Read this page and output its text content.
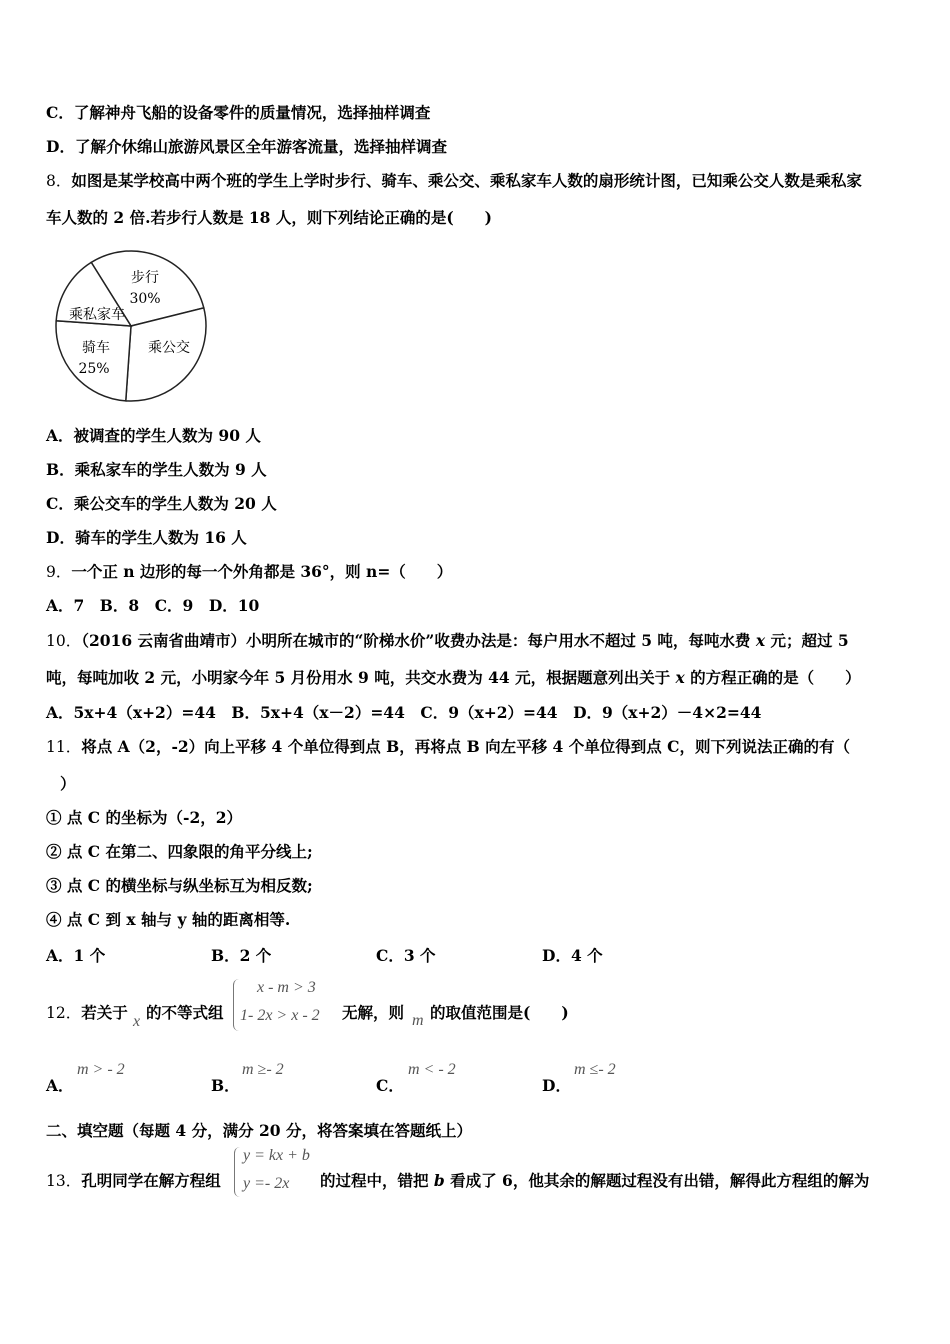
C．了解神舟飞船的设备零件的质量情况，选择抽样调查
D．了解介休绵山旅游风景区全年游客流量，选择抽样调查
8．如图是某学校高中两个班的学生上学时步行、骑车、乘公交、乘私家车人数的扇形统计图，已知乘公交人数是乘私家
车人数的 2 倍.若步行人数是 18 人，则下列结论正确的是(　　)
步行
30%
乘私家车
骑车
25%
乘公交
A．被调查的学生人数为 90 人
B．乘私家车的学生人数为 9 人
C．乘公交车的学生人数为 20 人
D．骑车的学生人数为 16 人
9．一个正 n 边形的每一个外角都是 36°，则 n=（　　）
A．7　B．8　C．9　D．10
10．（2016 云南省曲靖市）小明所在城市的“阶梯水价”收费办法是：每户用水不超过 5 吨，每吨水费 x 元；超过 5
吨，每吨加收 2 元，小明家今年 5 月份用水 9 吨，共交水费为 44 元，根据题意列出关于 x 的方程正确的是（　　）
A．5x+4（x+2）=44　B．5x+4（x－2）=44　C．9（x+2）=44　D．9（x+2）－4×2=44
11．将点 A（2，-2）向上平移 4 个单位得到点 B，再将点 B 向左平移 4 个单位得到点 C，则下列说法正确的有（
）
① 点 C 的坐标为（-2，2）
② 点 C 在第二、四象限的角平分线上;
③ 点 C 的横坐标与纵坐标互为相反数;
④ 点 C 到 x 轴与 y 轴的距离相等.
A．1 个	B．2 个	C．3 个	D．4 个
12．若关于 x 的不等式组
x - m > 3
1- 2x > x - 2 无解，则 m 的取值范围是(　　)
A．
m > - 2
B．
m ≥- 2
C．
m < - 2
D．
m ≤- 2
二、填空题（每题 4 分，满分 20 分，将答案填在答题纸上）
13．孔明同学在解方程组
y = kx + b
y =- 2x 的过程中，错把 b 看成了 6，他其余的解题过程没有出错，解得此方程组的解为
